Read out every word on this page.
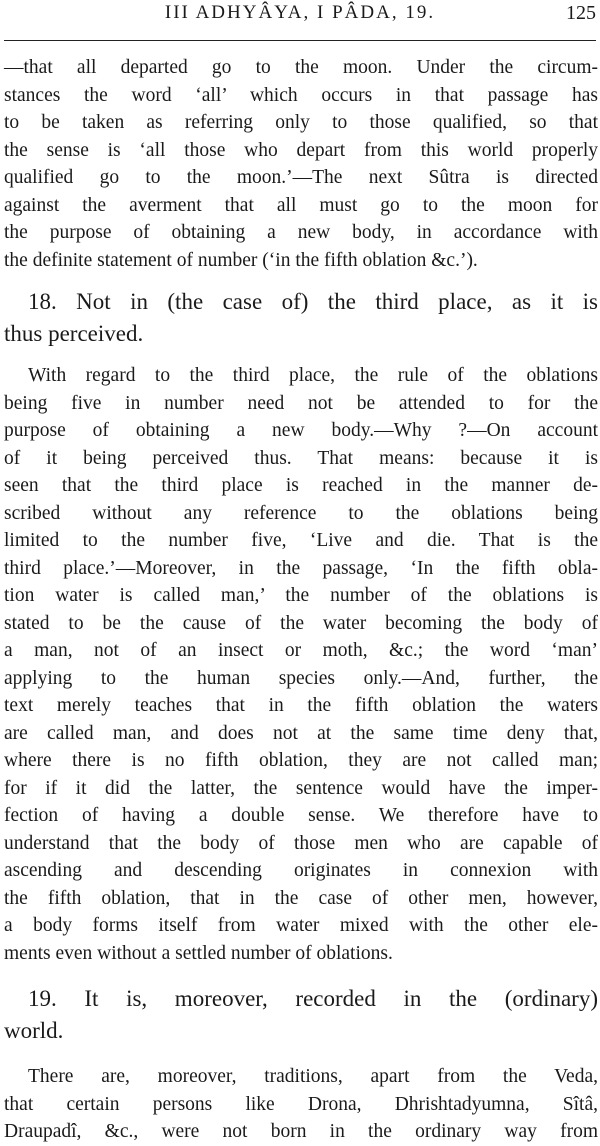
III ADHYÂYA, I PÂDA, 19.	125
—that all departed go to the moon. Under the circum-
stances the word ‘all’ which occurs in that passage has
to be taken as referring only to those qualified, so that
the sense is ‘all those who depart from this world properly
qualified go to the moon.’—The next Sûtra is directed
against the averment that all must go to the moon for
the purpose of obtaining a new body, in accordance with
the definite statement of number (‘in the fifth oblation &c.’).
18. Not in (the case of) the third place, as it is
thus perceived.
With regard to the third place, the rule of the oblations
being five in number need not be attended to for the
purpose of obtaining a new body.—Why ?—On account
of it being perceived thus. That means: because it is
seen that the third place is reached in the manner de-
scribed without any reference to the oblations being
limited to the number five, ‘Live and die. That is the
third place.’—Moreover, in the passage, ‘In the fifth obla-
tion water is called man,’ the number of the oblations is
stated to be the cause of the water becoming the body of
a man, not of an insect or moth, &c.; the word ‘man’
applying to the human species only.—And, further, the
text merely teaches that in the fifth oblation the waters
are called man, and does not at the same time deny that,
where there is no fifth oblation, they are not called man;
for if it did the latter, the sentence would have the imper-
fection of having a double sense. We therefore have to
understand that the body of those men who are capable of
ascending and descending originates in connexion with
the fifth oblation, that in the case of other men, however,
a body forms itself from water mixed with the other ele-
ments even without a settled number of oblations.
19. It is, moreover, recorded in the (ordinary)
world.
There are, moreover, traditions, apart from the Veda,
that certain persons like Drona, Dhrishtadyumna, Sîtâ,
Draupadî, &c., were not born in the ordinary way from
